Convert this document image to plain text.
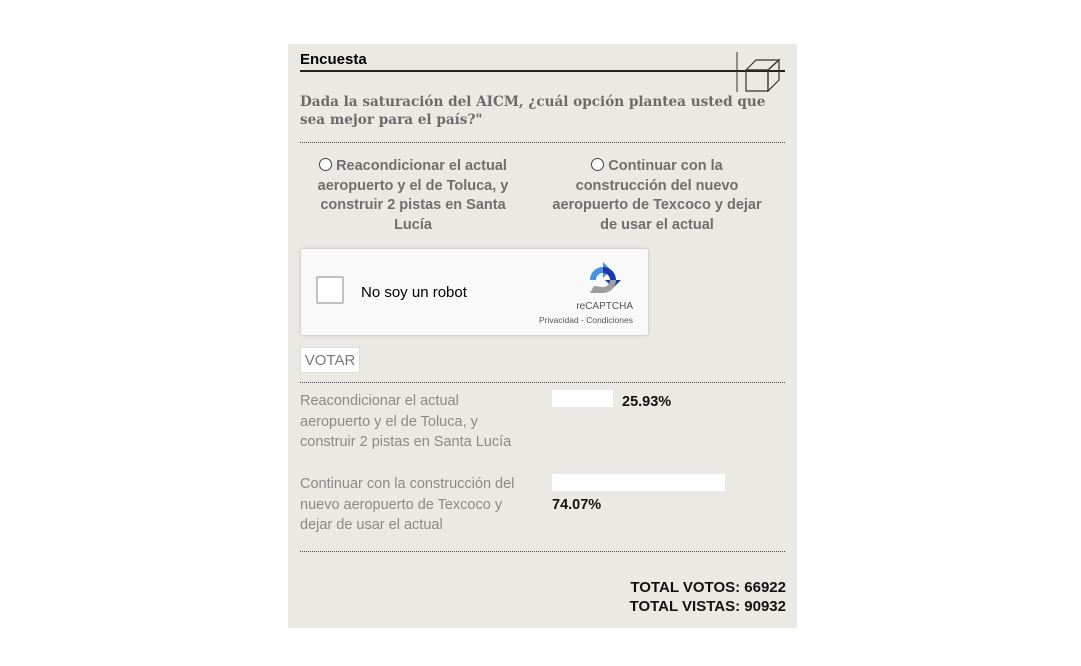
Encuesta
Dada la saturación del AICM, ¿cuál opción plantea usted que sea mejor para el país?"
Reacondicionar el actual aeropuerto y el de Toluca, y construir 2 pistas en Santa Lucía
Continuar con la construcción del nuevo aeropuerto de Texcoco y dejar de usar el actual
No soy un robot
reCAPTCHA
Privacidad - Condiciones
VOTAR
Reacondicionar el actual aeropuerto y el de Toluca, y construir 2 pistas en Santa Lucía
25.93%
Continuar con la construcción del nuevo aeropuerto de Texcoco y dejar de usar el actual
74.07%
TOTAL VOTOS: 66922
TOTAL VISTAS: 90932
